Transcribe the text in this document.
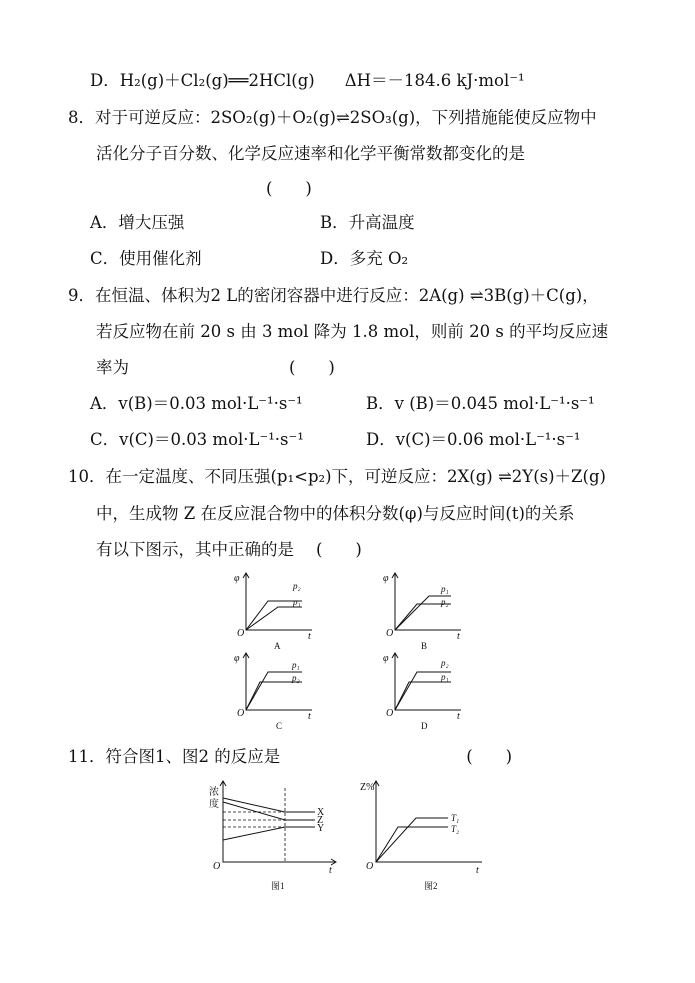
D．H₂(g)＋Cl₂(g)══2HCl(g) ΔH＝－184.6 kJ·mol⁻¹
8．对于可逆反应：2SO₂(g)＋O₂(g)⇌2SO₃(g)，下列措施能使反应物中
活化分子百分数、化学反应速率和化学平衡常数都变化的是
(　　)
A．增大压强	B．升高温度
C．使用催化剂	D．多充 O₂
9．在恒温、体积为2 L的密闭容器中进行反应：2A(g) ⇌3B(g)＋C(g)，
若反应物在前 20 s 由 3 mol 降为 1.8 mol，则前 20 s 的平均反应速
率为	(　　)
A．v(B)＝0.03 mol·L⁻¹·s⁻¹	B．v (B)＝0.045 mol·L⁻¹·s⁻¹
C．v(C)＝0.03 mol·L⁻¹·s⁻¹	D．v(C)＝0.06 mol·L⁻¹·s⁻¹
10．在一定温度、不同压强(p₁<p₂)下，可逆反应：2X(g) ⇌2Y(s)＋Z(g)
中，生成物 Z 在反应混合物中的体积分数(φ)与反应时间(t)的关系
有以下图示，其中正确的是 (　　)
φ
t
O
p₂
p₁
A
φ
t
O
p₁
p₂
B
φ
t
O
p₁
p₂
C
φ
t
O
p₂
p₁
D
11．符合图1、图2 的反应是	(　　)
浓
度
X
Z
Y
t
O
图1
Z%
T₁
T₂
t
O
图2
